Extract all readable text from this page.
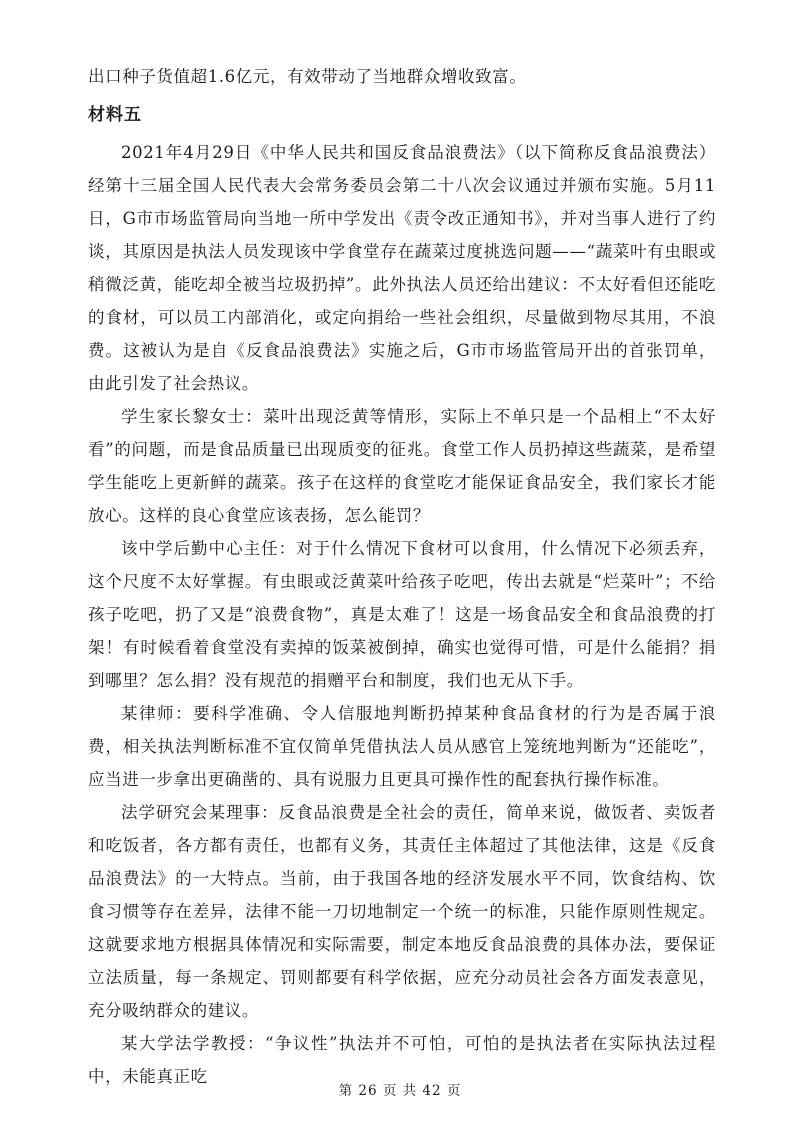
出口种子货值超1.6亿元，有效带动了当地群众增收致富。

材料五

2021年4月29日《中华人民共和国反食品浪费法》（以下简称反食品浪费法）经第十三届全国人民代表大会常务委员会第二十八次会议通过并颁布实施。5月11日，G市市场监管局向当地一所中学发出《责令改正通知书》，并对当事人进行了约谈，其原因是执法人员发现该中学食堂存在蔬菜过度挑选问题——“蔬菜叶有虫眼或稍微泛黄，能吃却全被当垃圾扔掉”。此外执法人员还给出建议：不太好看但还能吃的食材，可以员工内部消化，或定向捐给一些社会组织，尽量做到物尽其用，不浪费。这被认为是自《反食品浪费法》实施之后，G市市场监管局开出的首张罚单，由此引发了社会热议。

学生家长黎女士：菜叶出现泛黄等情形，实际上不单只是一个品相上“不太好看”的问题，而是食品质量已出现质变的征兆。食堂工作人员扔掉这些蔬菜，是希望学生能吃上更新鲜的蔬菜。孩子在这样的食堂吃才能保证食品安全，我们家长才能放心。这样的良心食堂应该表扬，怎么能罚？

该中学后勤中心主任：对于什么情况下食材可以食用，什么情况下必须丢弃，这个尺度不太好掌握。有虫眼或泛黄菜叶给孩子吃吧，传出去就是“烂菜叶”；不给孩子吃吧，扔了又是“浪费食物”，真是太难了！这是一场食品安全和食品浪费的打架！有时候看着食堂没有卖掉的饭菜被倒掉，确实也觉得可惜，可是什么能捐？捐到哪里？怎么捐？没有规范的捐赠平台和制度，我们也无从下手。

某律师：要科学准确、令人信服地判断扔掉某种食品食材的行为是否属于浪费，相关执法判断标准不宜仅简单凭借执法人员从感官上笼统地判断为“还能吃”，应当进一步拿出更确凿的、具有说服力且更具可操作性的配套执行操作标准。

法学研究会某理事：反食品浪费是全社会的责任，简单来说，做饭者、卖饭者和吃饭者，各方都有责任，也都有义务，其责任主体超过了其他法律，这是《反食品浪费法》的一大特点。当前，由于我国各地的经济发展水平不同，饮食结构、饮食习惯等存在差异，法律不能一刀切地制定一个统一的标准，只能作原则性规定。这就要求地方根据具体情况和实际需要，制定本地反食品浪费的具体办法，要保证立法质量，每一条规定、罚则都要有科学依据，应充分动员社会各方面发表意见，充分吸纳群众的建议。

某大学法学教授：“争议性”执法并不可怕，可怕的是执法者在实际执法过程中，未能真正吃

第 26 页 共 42 页
